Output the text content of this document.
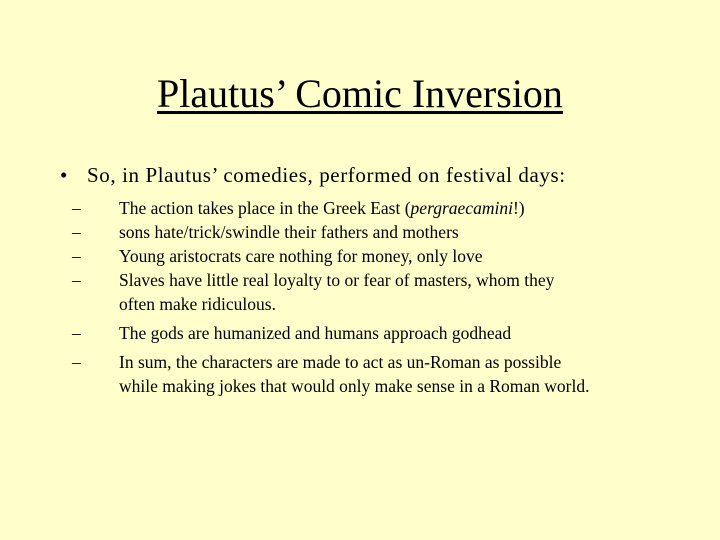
Plautus’ Comic Inversion
• So, in Plautus’ comedies, performed on festival days:
– The action takes place in the Greek East (pergraecamini!)
– sons hate/trick/swindle their fathers and mothers
– Young aristocrats care nothing for money, only love
– Slaves have little real loyalty to or fear of masters, whom they
often make ridiculous.
– The gods are humanized and humans approach godhead
– In sum, the characters are made to act as un-Roman as possible
while making jokes that would only make sense in a Roman world.
